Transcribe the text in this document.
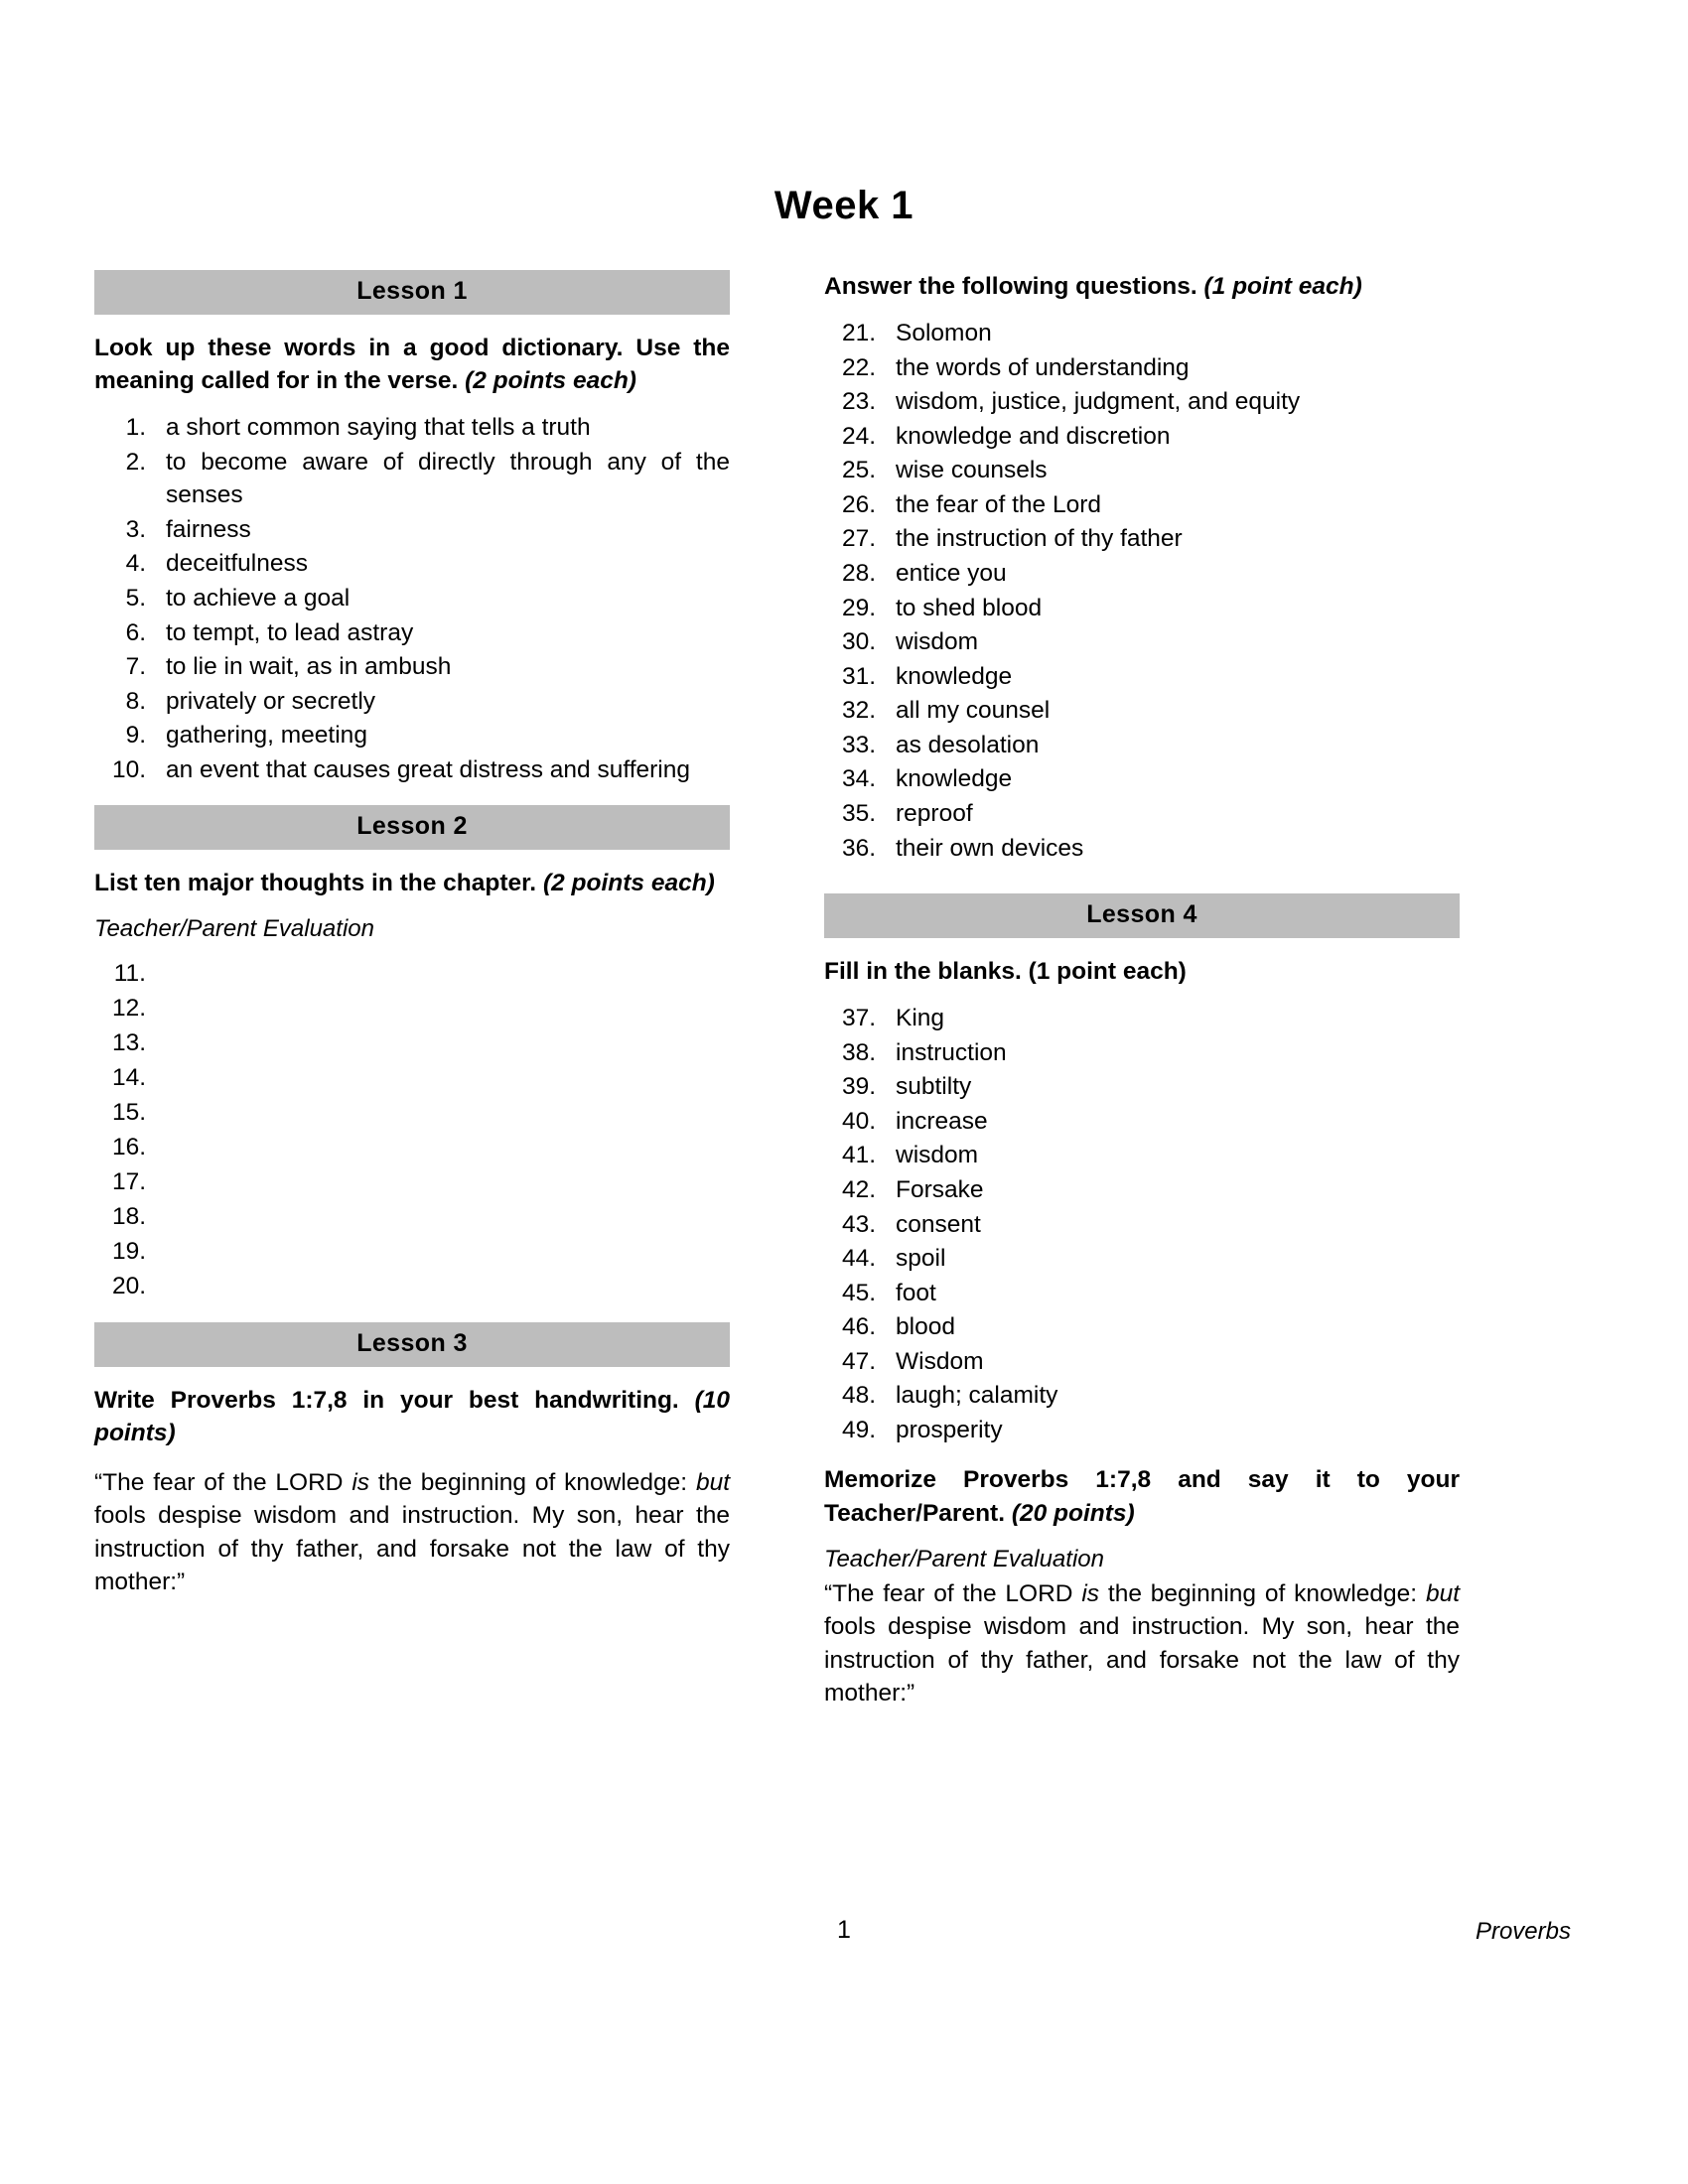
Week 1
Lesson 1

Look up these words in a good dictionary. Use the meaning called for in the verse. (2 points each)

1. a short common saying that tells a truth
2. to become aware of directly through any of the senses
3. fairness
4. deceitfulness
5. to achieve a goal
6. to tempt, to lead astray
7. to lie in wait, as in ambush
8. privately or secretly
9. gathering, meeting
10. an event that causes great distress and suffering
Lesson 2

List ten major thoughts in the chapter. (2 points each)

Teacher/Parent Evaluation
11.
12.
13.
14.
15.
16.
17.
18.
19.
20.
Lesson 3

Write Proverbs 1:7,8 in your best handwriting. (10 points)

“The fear of the LORD is the beginning of knowledge: but fools despise wisdom and instruction. My son, hear the instruction of thy father, and forsake not the law of thy mother:”

Answer the following questions. (1 point each)

21. Solomon
22. the words of understanding
23. wisdom, justice, judgment, and equity
24. knowledge and discretion
25. wise counsels
26. the fear of the Lord
27. the instruction of thy father
28. entice you
29. to shed blood
30. wisdom
31. knowledge
32. all my counsel
33. as desolation
34. knowledge
35. reproof
36. their own devices
Lesson 4

Fill in the blanks. (1 point each)

37. King
38. instruction
39. subtilty
40. increase
41. wisdom
42. Forsake
43. consent
44. spoil
45. foot
46. blood
47. Wisdom
48. laugh; calamity
49. prosperity

Memorize Proverbs 1:7,8 and say it to your Teacher/Parent. (20 points)

Teacher/Parent Evaluation

“The fear of the LORD is the beginning of knowledge: but fools despise wisdom and instruction. My son, hear the instruction of thy father, and forsake not the law of thy mother:”

1	Proverbs
